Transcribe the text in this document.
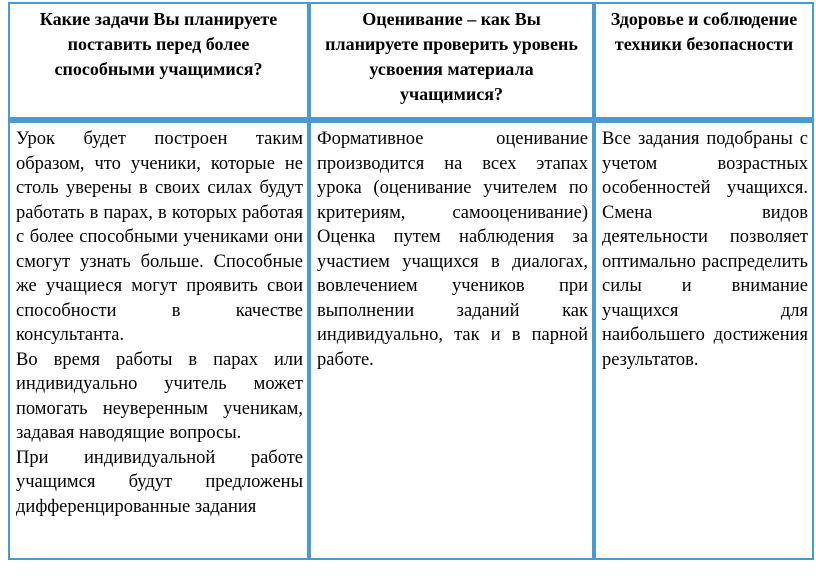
Какие задачи Вы планируете поставить перед более способными учащимися?
Оценивание – как Вы планируете проверить уровень усвоения материала учащимися?
Здоровье и соблюдение техники безопасности

Урок будет построен таким образом, что ученики, которые не столь уверены в своих силах будут работать в парах, в которых работая с более способными учениками они смогут узнать больше. Способные же учащиеся могут проявить свои способности в качестве консультанта.

Во время работы в парах или индивидуально учитель может помогать неуверенным ученикам, задавая наводящие вопросы.

При индивидуальной работе учащимся будут предложены дифференцированные задания

Формативное оценивание производится на всех этапах урока (оценивание учителем по критериям, самооценивание) Оценка путем наблюдения за участием учащихся в диалогах, вовлечением учеников при выполнении заданий как индивидуально, так и в парной работе.
Все задания подобраны с учетом возрастных особенностей учащихся. Смена видов деятельности позволяет оптимально распределить силы и внимание учащихся для наибольшего достижения результатов.
